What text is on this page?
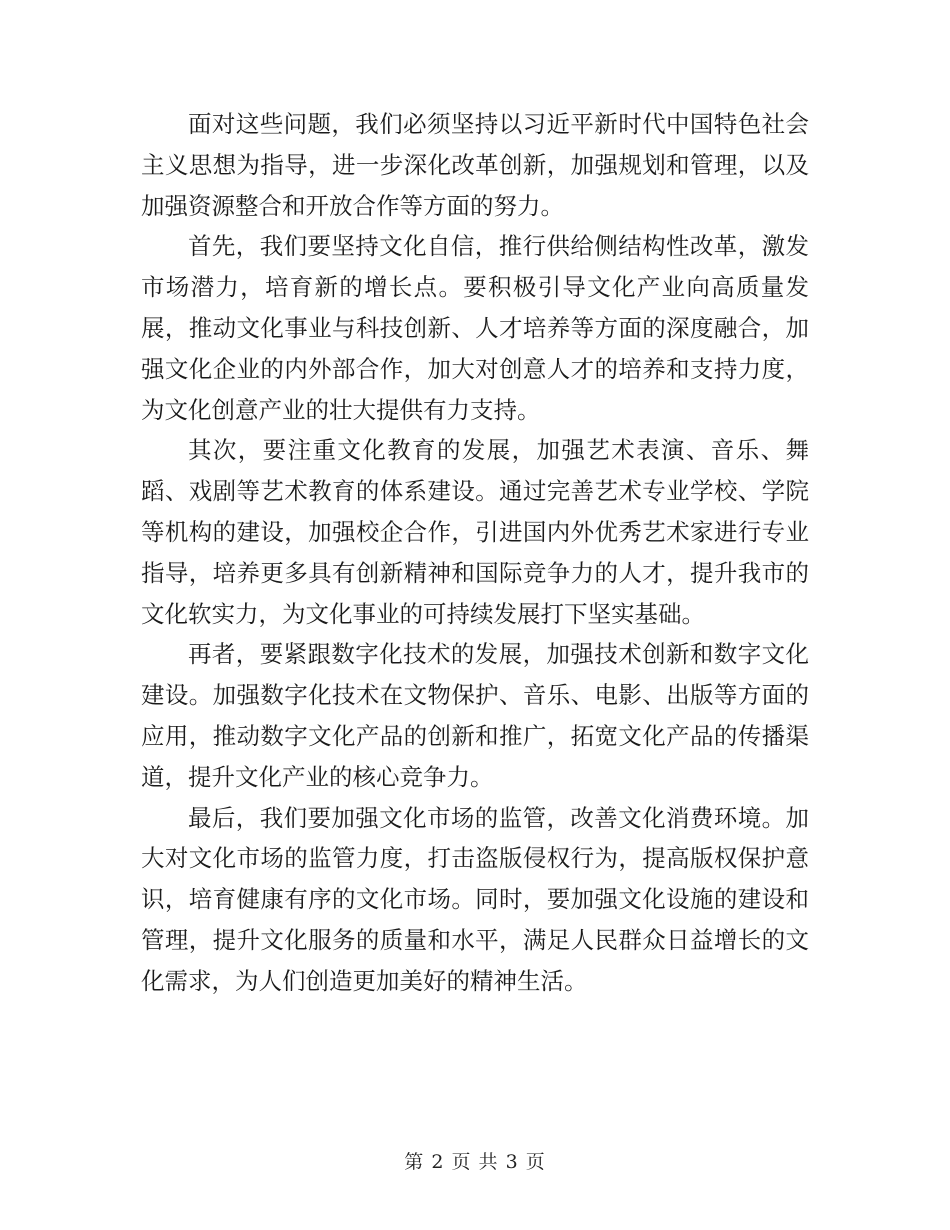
面对这些问题，我们必须坚持以习近平新时代中国特色社会主义思想为指导，进一步深化改革创新，加强规划和管理，以及加强资源整合和开放合作等方面的努力。

首先，我们要坚持文化自信，推行供给侧结构性改革，激发市场潜力，培育新的增长点。要积极引导文化产业向高质量发展，推动文化事业与科技创新、人才培养等方面的深度融合，加强文化企业的内外部合作，加大对创意人才的培养和支持力度，为文化创意产业的壮大提供有力支持。

其次，要注重文化教育的发展，加强艺术表演、音乐、舞蹈、戏剧等艺术教育的体系建设。通过完善艺术专业学校、学院等机构的建设，加强校企合作，引进国内外优秀艺术家进行专业指导，培养更多具有创新精神和国际竞争力的人才，提升我市的文化软实力，为文化事业的可持续发展打下坚实基础。

再者，要紧跟数字化技术的发展，加强技术创新和数字文化建设。加强数字化技术在文物保护、音乐、电影、出版等方面的应用，推动数字文化产品的创新和推广，拓宽文化产品的传播渠道，提升文化产业的核心竞争力。

最后，我们要加强文化市场的监管，改善文化消费环境。加大对文化市场的监管力度，打击盗版侵权行为，提高版权保护意识，培育健康有序的文化市场。同时，要加强文化设施的建设和管理，提升文化服务的质量和水平，满足人民群众日益增长的文化需求，为人们创造更加美好的精神生活。

第 2 页 共 3 页
